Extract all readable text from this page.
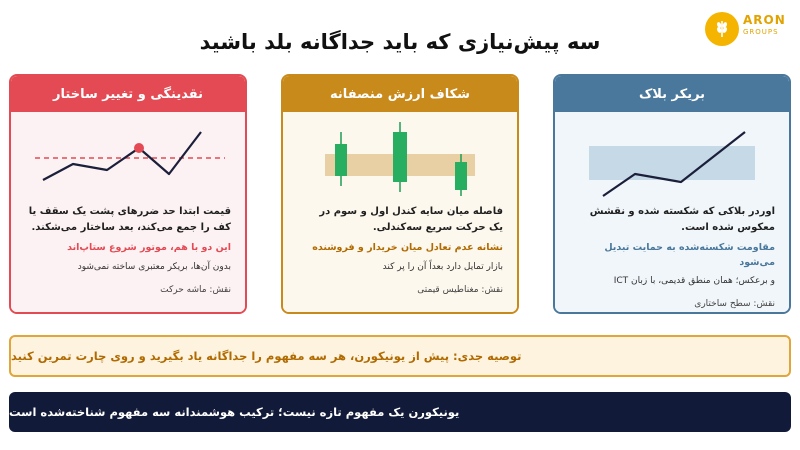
سه پیش‌نیازی که باید جداگانه بلد باشید
ARON
GROUPS
نقدینگی و تغییر ساختار
قیمت ابتدا حد ضررهای پشت یک سقف یا
کف را جمع می‌کند، بعد ساختار می‌شکند.
این دو با هم، موتور شروع ستاپ‌اند
بدون آن‌ها، بریکر معتبری ساخته نمی‌شود
نقش: ماشه حرکت
شکاف ارزش منصفانه
فاصله میان سایه کندل اول و سوم در
یک حرکت سریع سه‌کندلی.
نشانه عدم تعادل میان خریدار و فروشنده
بازار تمایل دارد بعداً آن را پر کند
نقش: مغناطیس قیمتی
بریکر بلاک
اوردر بلاکی که شکسته شده و نقشش
معکوس شده است.
مقاومت شکسته‌شده به حمایت تبدیل می‌شود
و برعکس؛ همان منطق قدیمی، با زبان ICT
نقش: سطح ساختاری
توصیه جدی: پیش از یونیکورن، هر سه مفهوم را جداگانه یاد بگیرید و روی چارت تمرین کنید
یونیکورن یک مفهوم تازه نیست؛ ترکیب هوشمندانه سه مفهوم شناخته‌شده است
